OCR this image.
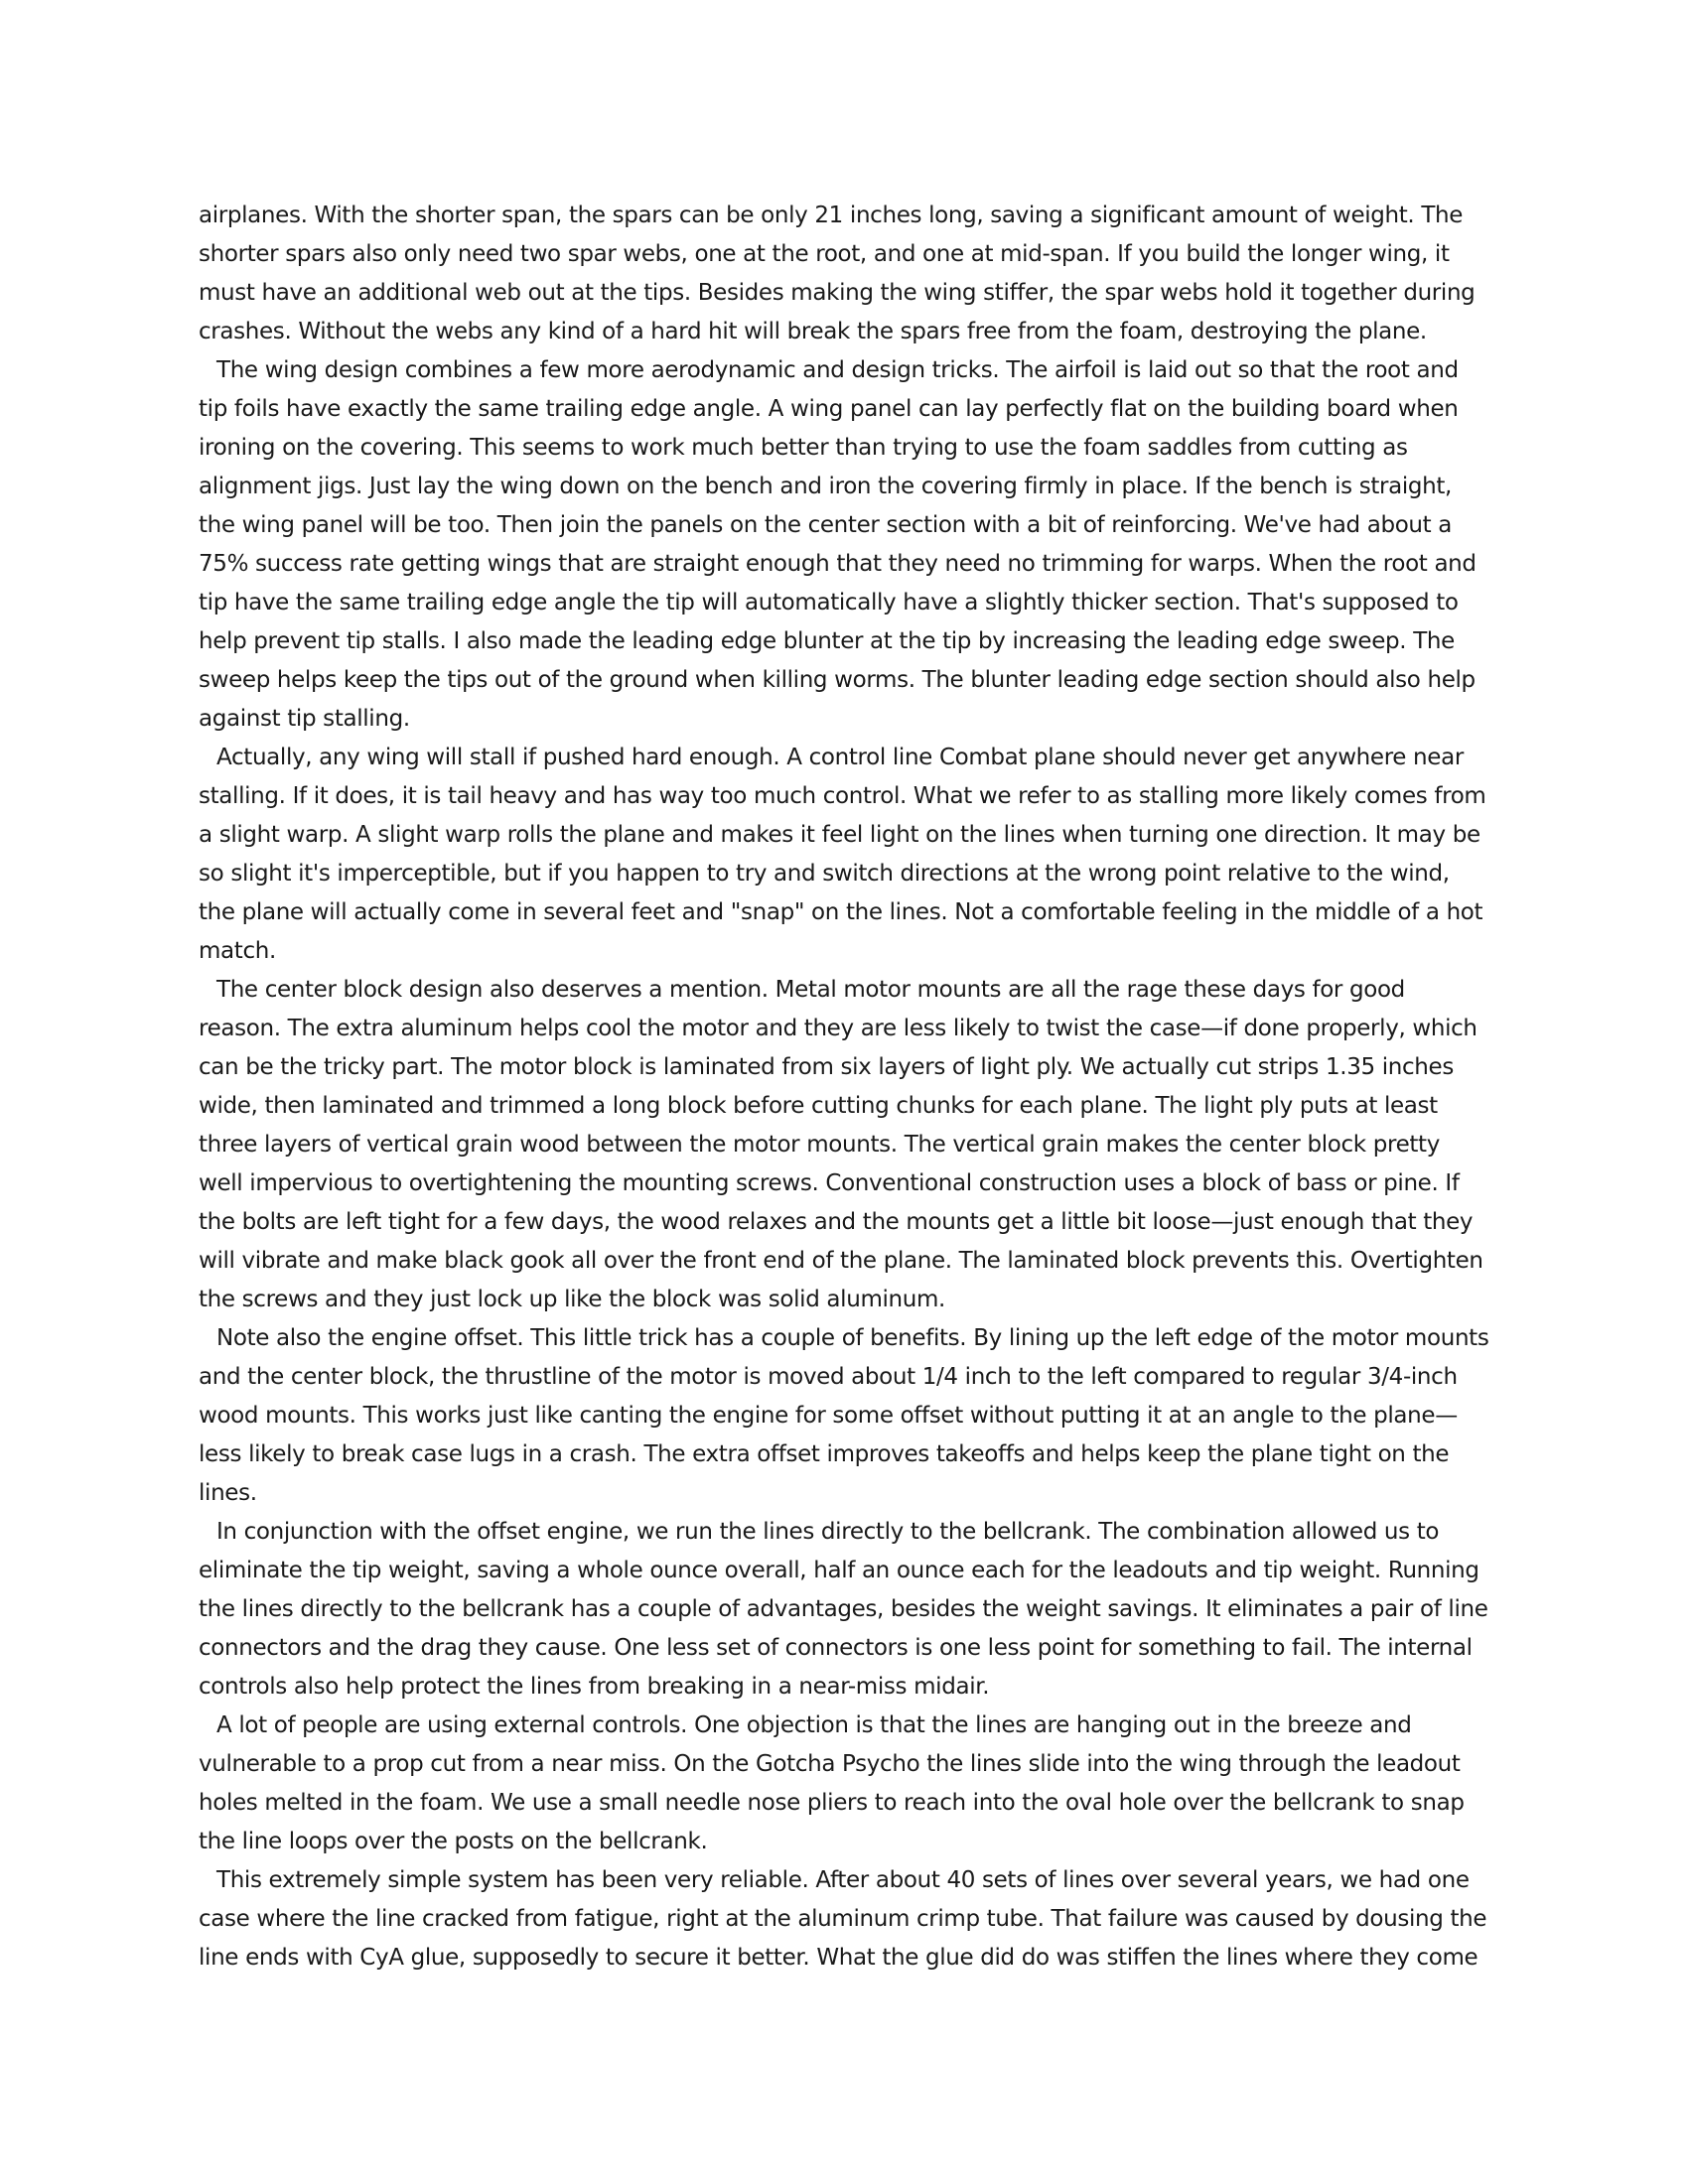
airplanes. With the shorter span, the spars can be only 21 inches long, saving a significant amount of weight. The shorter spars also only need two spar webs, one at the root, and one at mid-span. If you build the longer wing, it must have an additional web out at the tips. Besides making the wing stiffer, the spar webs hold it together during crashes. Without the webs any kind of a hard hit will break the spars free from the foam, destroying the plane.

The wing design combines a few more aerodynamic and design tricks. The airfoil is laid out so that the root and tip foils have exactly the same trailing edge angle. A wing panel can lay perfectly flat on the building board when ironing on the covering. This seems to work much better than trying to use the foam saddles from cutting as alignment jigs. Just lay the wing down on the bench and iron the covering firmly in place. If the bench is straight, the wing panel will be too. Then join the panels on the center section with a bit of reinforcing. We've had about a 75% success rate getting wings that are straight enough that they need no trimming for warps. When the root and tip have the same trailing edge angle the tip will automatically have a slightly thicker section. That's supposed to help prevent tip stalls. I also made the leading edge blunter at the tip by increasing the leading edge sweep. The sweep helps keep the tips out of the ground when killing worms. The blunter leading edge section should also help against tip stalling.

Actually, any wing will stall if pushed hard enough. A control line Combat plane should never get anywhere near stalling. If it does, it is tail heavy and has way too much control. What we refer to as stalling more likely comes from a slight warp. A slight warp rolls the plane and makes it feel light on the lines when turning one direction. It may be so slight it's imperceptible, but if you happen to try and switch directions at the wrong point relative to the wind, the plane will actually come in several feet and "snap" on the lines. Not a comfortable feeling in the middle of a hot match.

The center block design also deserves a mention. Metal motor mounts are all the rage these days for good reason. The extra aluminum helps cool the motor and they are less likely to twist the case—if done properly, which can be the tricky part. The motor block is laminated from six layers of light ply. We actually cut strips 1.35 inches wide, then laminated and trimmed a long block before cutting chunks for each plane. The light ply puts at least three layers of vertical grain wood between the motor mounts. The vertical grain makes the center block pretty well impervious to overtightening the mounting screws. Conventional construction uses a block of bass or pine. If the bolts are left tight for a few days, the wood relaxes and the mounts get a little bit loose—just enough that they will vibrate and make black gook all over the front end of the plane. The laminated block prevents this. Overtighten the screws and they just lock up like the block was solid aluminum.

Note also the engine offset. This little trick has a couple of benefits. By lining up the left edge of the motor mounts and the center block, the thrustline of the motor is moved about 1/4 inch to the left compared to regular 3/4-inch wood mounts. This works just like canting the engine for some offset without putting it at an angle to the plane—less likely to break case lugs in a crash. The extra offset improves takeoffs and helps keep the plane tight on the lines.

In conjunction with the offset engine, we run the lines directly to the bellcrank. The combination allowed us to eliminate the tip weight, saving a whole ounce overall, half an ounce each for the leadouts and tip weight. Running the lines directly to the bellcrank has a couple of advantages, besides the weight savings. It eliminates a pair of line connectors and the drag they cause. One less set of connectors is one less point for something to fail. The internal controls also help protect the lines from breaking in a near-miss midair.

A lot of people are using external controls. One objection is that the lines are hanging out in the breeze and vulnerable to a prop cut from a near miss. On the Gotcha Psycho the lines slide into the wing through the leadout holes melted in the foam. We use a small needle nose pliers to reach into the oval hole over the bellcrank to snap the line loops over the posts on the bellcrank.

This extremely simple system has been very reliable. After about 40 sets of lines over several years, we had one case where the line cracked from fatigue, right at the aluminum crimp tube. That failure was caused by dousing the line ends with CyA glue, supposedly to secure it better. What the glue did do was stiffen the lines where they come
